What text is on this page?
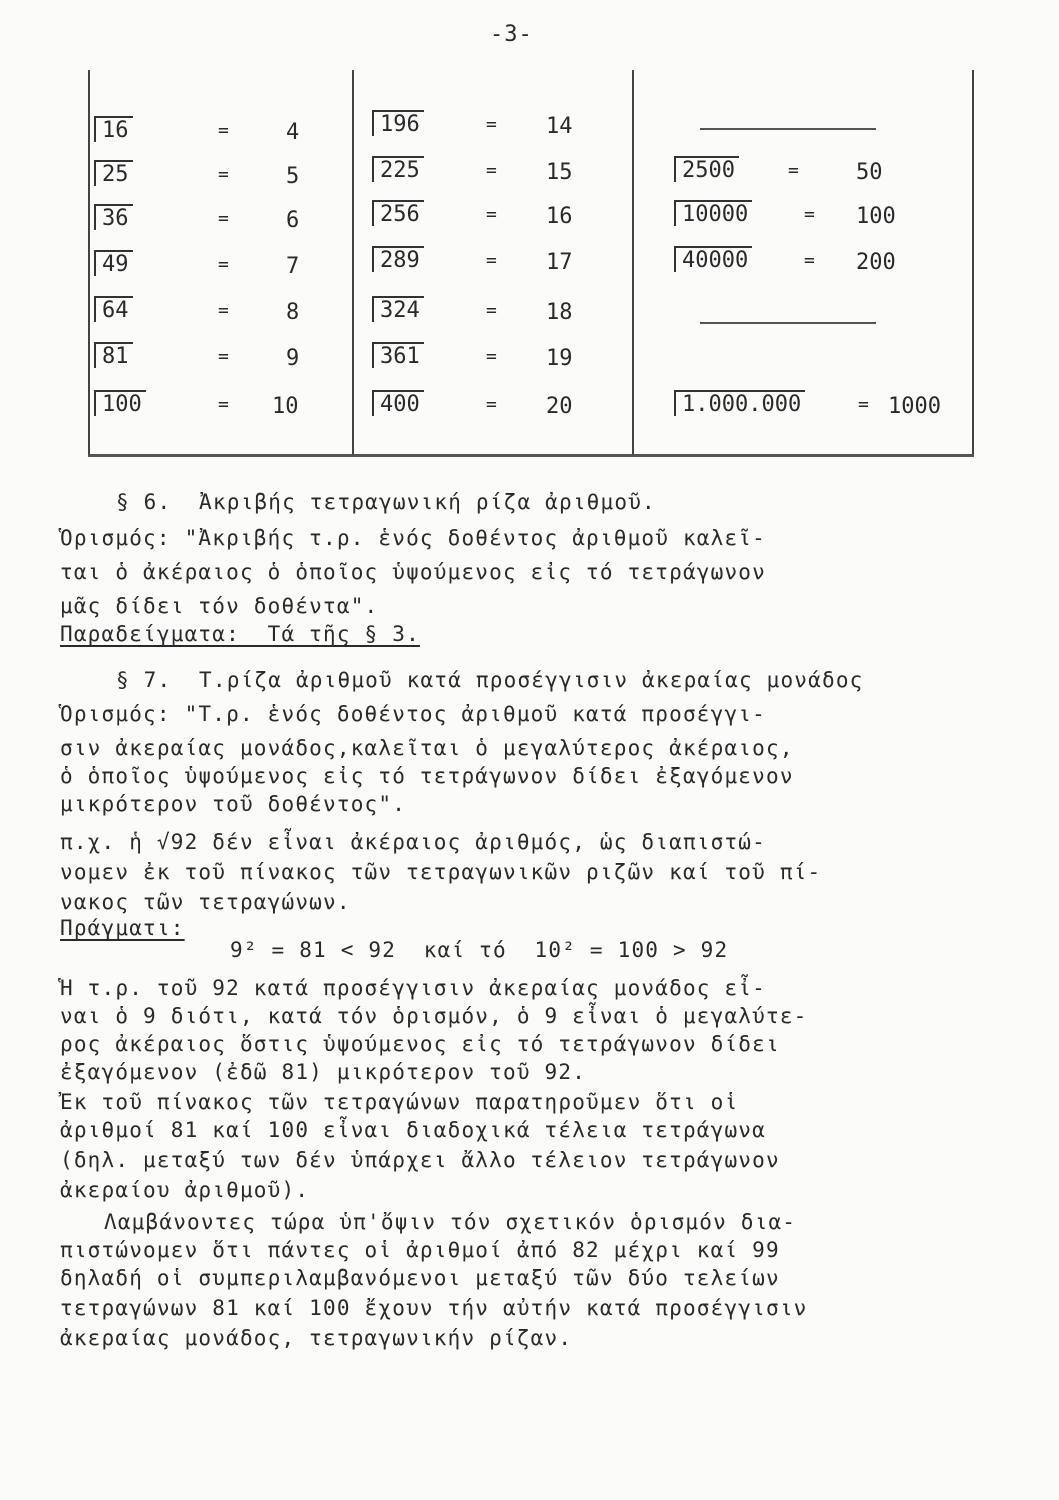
-3-
16	=	4
25	=	5
36	=	6
49	=	7
64	=	8
81	=	9
100	= 10
196	= 14
225	= 15
256	= 16
289	= 17
324	= 18
361	= 19
400	= 20
2500	=	50
10000	= 100
40000	= 200
1.000.000	= 1000
§ 6.  Ἀκριβής τετραγωνική ρίζα ἀριθμοῦ.
Ὁρισμός: "Ἀκριβής τ.ρ. ἑνός δοθέντος ἀριθμοῦ καλεῖ-
ται ὁ ἀκέραιος ὁ ὁποῖος ὑψούμενος εἰς τό τετράγωνον
μᾶς δίδει τόν δοθέντα".
Παραδείγματα:  Τά τῆς § 3.
§ 7.  Τ.ρίζα ἀριθμοῦ κατά προσέγγισιν ἀκεραίας μονάδος
Ὁρισμός: "Τ.ρ. ἑνός δοθέντος ἀριθμοῦ κατά προσέγγι-
σιν ἀκεραίας μονάδος,καλεῖται ὁ μεγαλύτερος ἀκέραιος,
ὁ ὁποῖος ὑψούμενος εἰς τό τετράγωνον δίδει ἐξαγόμενον
μικρότερον τοῦ δοθέντος".
π.χ. ἡ √92 δέν εἶναι ἀκέραιος ἀριθμός, ὡς διαπιστώ-
νομεν ἐκ τοῦ πίνακος τῶν τετραγωνικῶν ριζῶν καί τοῦ πί-
νακος τῶν τετραγώνων.
Πράγματι:
9² = 81 < 92  καί τό  10² = 100 > 92
Ἡ τ.ρ. τοῦ 92 κατά προσέγγισιν ἀκεραίας μονάδος εἶ-
ναι ὁ 9 διότι, κατά τόν ὁρισμόν, ὁ 9 εἶναι ὁ μεγαλύτε-
ρος ἀκέραιος ὅστις ὑψούμενος εἰς τό τετράγωνον δίδει
ἐξαγόμενον (ἐδῶ 81) μικρότερον τοῦ 92.
Ἐκ τοῦ πίνακος τῶν τετραγώνων παρατηροῦμεν ὅτι οἱ
ἀριθμοί 81 καί 100 εἶναι διαδοχικά τέλεια τετράγωνα
(δηλ. μεταξύ των δέν ὑπάρχει ἄλλο τέλειον τετράγωνον
ἀκεραίου ἀριθμοῦ).
Λαμβάνοντες τώρα ὑπ'ὄψιν τόν σχετικόν ὁρισμόν δια-
πιστώνομεν ὅτι πάντες οἱ ἀριθμοί ἀπό 82 μέχρι καί 99
δηλαδή οἱ συμπεριλαμβανόμενοι μεταξύ τῶν δύο τελείων
τετραγώνων 81 καί 100 ἔχουν τήν αὐτήν κατά προσέγγισιν
ἀκεραίας μονάδος, τετραγωνικήν ρίζαν.
